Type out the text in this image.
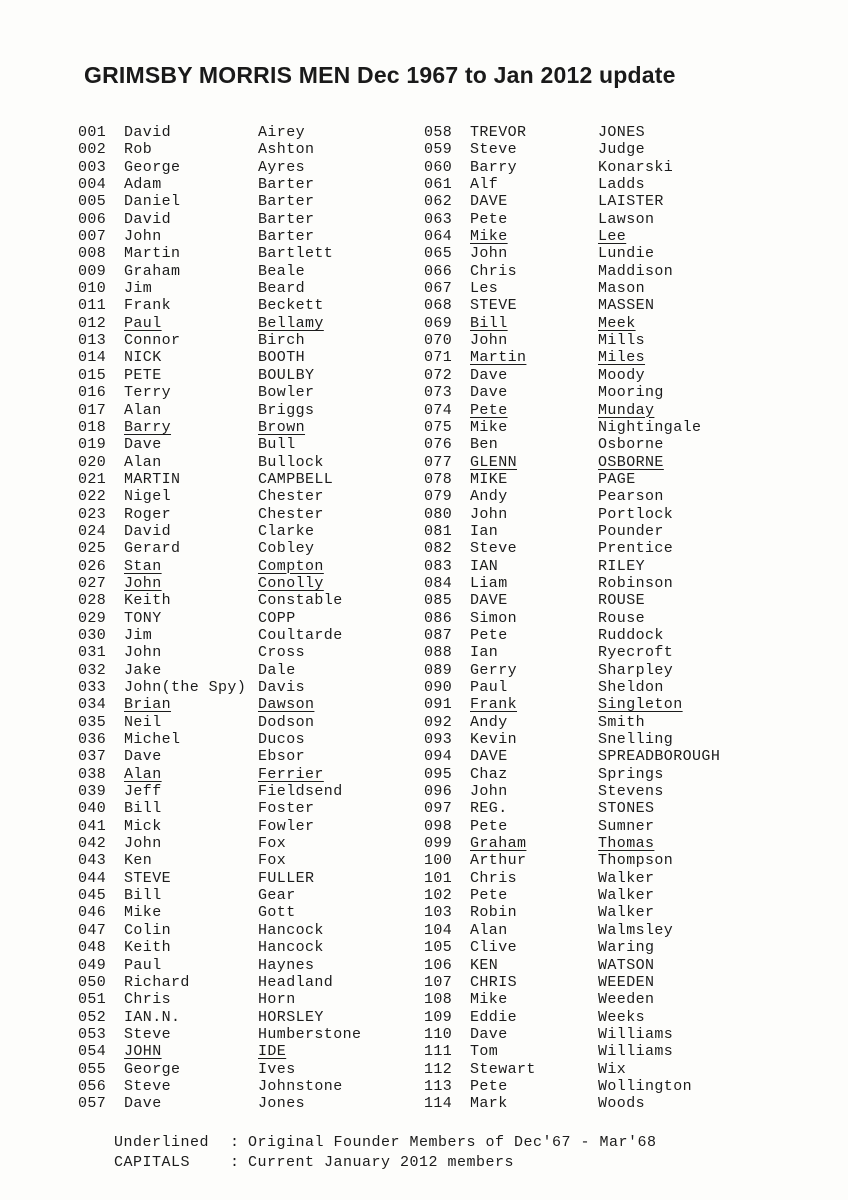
GRIMSBY MORRIS MEN Dec 1967 to Jan 2012 update
001 David
002 Rob
003 George
004 Adam
005 Daniel
006 David
007 John
008 Martin
009 Graham
010 Jim
011 Frank
012 Paul
013 Connor
014 NICK
015 PETE
016 Terry
017 Alan
018 Barry
019 Dave
020 Alan
021 MARTIN
022 Nigel
023 Roger
024 David
025 Gerard
026 Stan
027 John
028 Keith
029 TONY
030 Jim
031 John
032 Jake
033 John(the Spy)
034 Brian
035 Neil
036 Michel
037 Dave
038 Alan
039 Jeff
040 Bill
041 Mick
042 John
043 Ken
044 STEVE
045 Bill
046 Mike
047 Colin
048 Keith
049 Paul
050 Richard
051 Chris
052 IAN.N.
053 Steve
054 JOHN
055 George
056 Steve
057 Dave
Airey
Ashton
Ayres
Barter
Barter
Barter
Barter
Bartlett
Beale
Beard
Beckett
Bellamy
Birch
BOOTH
BOULBY
Bowler
Briggs
Brown
Bull
Bullock
CAMPBELL
Chester
Chester
Clarke
Cobley
Compton
Conolly
Constable
COPP
Coultarde
Cross
Dale
Davis
Dawson
Dodson
Ducos
Ebsor
Ferrier
Fieldsend
Foster
Fowler
Fox
Fox
FULLER
Gear
Gott
Hancock
Hancock
Haynes
Headland
Horn
HORSLEY
Humberstone
IDE
Ives
Johnstone
Jones
058 TREVOR
059 Steve
060 Barry
061 Alf
062 DAVE
063 Pete
064 Mike
065 John
066 Chris
067 Les
068 STEVE
069 Bill
070 John
071 Martin
072 Dave
073 Dave
074 Pete
075 Mike
076 Ben
077 GLENN
078 MIKE
079 Andy
080 John
081 Ian
082 Steve
083 IAN
084 Liam
085 DAVE
086 Simon
087 Pete
088 Ian
089 Gerry
090 Paul
091 Frank
092 Andy
093 Kevin
094 DAVE
095 Chaz
096 John
097 REG.
098 Pete
099 Graham
100 Arthur
101 Chris
102 Pete
103 Robin
104 Alan
105 Clive
106 KEN
107 CHRIS
108 Mike
109 Eddie
110 Dave
111 Tom
112 Stewart
113 Pete
114 Mark
JONES
Judge
Konarski
Ladds
LAISTER
Lawson
Lee
Lundie
Maddison
Mason
MASSEN
Meek
Mills
Miles
Moody
Mooring
Munday
Nightingale
Osborne
OSBORNE
PAGE
Pearson
Portlock
Pounder
Prentice
RILEY
Robinson
ROUSE
Rouse
Ruddock
Ryecroft
Sharpley
Sheldon
Singleton
Smith
Snelling
SPREADBOROUGH
Springs
Stevens
STONES
Sumner
Thomas
Thompson
Walker
Walker
Walker
Walmsley
Waring
WATSON
WEEDEN
Weeden
Weeks
Williams
Williams
Wix
Wollington
Woods
Underlined : Original Founder Members of Dec'67 - Mar'68
CAPITALS	: Current January 2012 members
